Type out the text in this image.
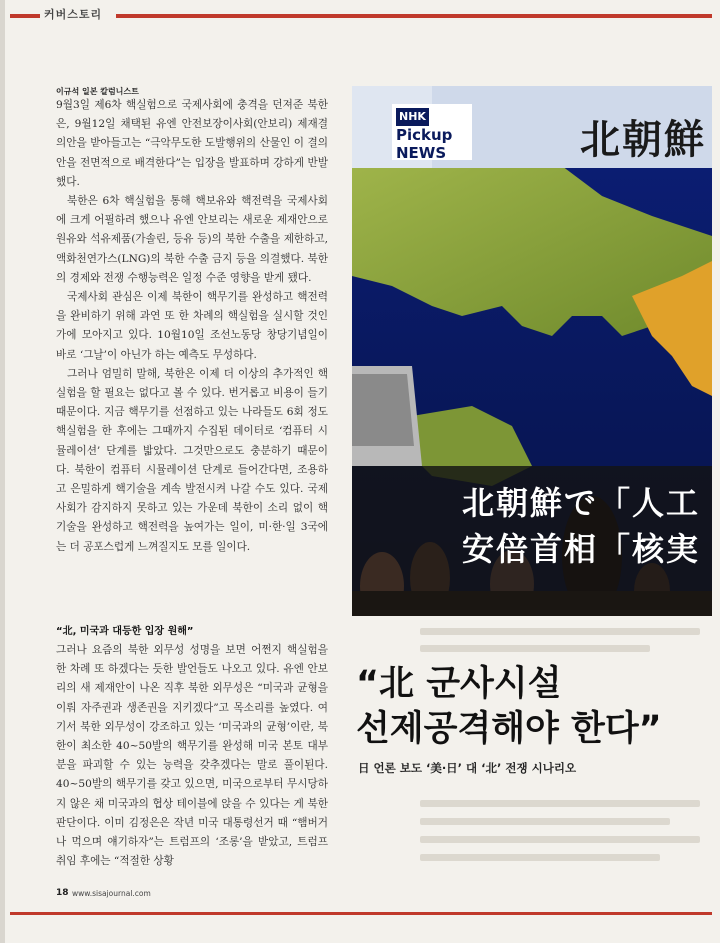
커버스토리
이규석 일본 칼럼니스트

9월3일 제6차 핵실험으로 국제사회에 충격을 던져준 북한은, 9월12일 채택된 유엔 안전보장이사회(안보리) 제재결의안을 받아들고는 “극악무도한 도발행위의 산물인 이 결의안을 전면적으로 배격한다”는 입장을 발표하며 강하게 반발했다.

북한은 6차 핵실험을 통해 핵보유와 핵전력을 국제사회에 크게 어필하려 했으나 유엔 안보리는 새로운 제재안으로 원유와 석유제품(가솔린, 등유 등)의 북한 수출을 제한하고, 액화천연가스(LNG)의 북한 수출 금지 등을 의결했다. 북한의 경제와 전쟁 수행능력은 일정 수준 영향을 받게 됐다.

국제사회 관심은 이제 북한이 핵무기를 완성하고 핵전력을 완비하기 위해 과연 또 한 차례의 핵실험을 실시할 것인가에 모아지고 있다. 10월10일 조선노동당 창당기념일이 바로 ‘그날’이 아닌가 하는 예측도 무성하다.

그러나 엄밀히 말해, 북한은 이제 더 이상의 추가적인 핵실험을 할 필요는 없다고 볼 수 있다. 번거롭고 비용이 들기 때문이다. 지금 핵무기를 선점하고 있는 나라들도 6회 정도 핵실험을 한 후에는 그때까지 수집된 데이터로 ‘컴퓨터 시뮬레이션’ 단계를 밟았다. 그것만으로도 충분하기 때문이다. 북한이 컴퓨터 시뮬레이션 단계로 들어간다면, 조용하고 은밀하게 핵기술을 계속 발전시켜 나갈 수도 있다. 국제사회가 감지하지 못하고 있는 가운데 북한이 소리 없이 핵기술을 완성하고 핵전력을 높여가는 일이, 미·한·일 3국에는 더 공포스럽게 느껴질지도 모를 일이다.

“北, 미국과 대등한 입장 원해”

그러나 요즘의 북한 외무성 성명을 보면 어쩐지 핵실험을 한 차례 또 하겠다는 듯한 발언들도 나오고 있다. 유엔 안보리의 새 제재안이 나온 직후 북한 외무성은 “미국과 균형을 이뤄 자주권과 생존권을 지키겠다”고 목소리를 높였다. 여기서 북한 외무성이 강조하고 있는 ‘미국과의 균형’이란, 북한이 최소한 40~50발의 핵무기를 완성해 미국 본토 대부분을 파괴할 수 있는 능력을 갖추겠다는 말로 풀이된다. 40~50발의 핵무기를 갖고 있으면, 미국으로부터 무시당하지 않은 채 미국과의 협상 테이블에 앉을 수 있다는 게 북한 판단이다. 이미 김정은은 작년 미국 대통령선거 때 “햄버거나 먹으며 얘기하자”는 트럼프의 ‘조롱’을 받았고, 트럼프 취임 후에는 “적절한 상황

NHK
Pickup
NEWS	北朝鮮
北朝鮮で「人工
安倍首相「核実
“北 군사시설
선제공격해야 한다”
日 언론 보도 ‘美·日’ 대 ‘北’ 전쟁 시나리오
18 www.sisajournal.com
